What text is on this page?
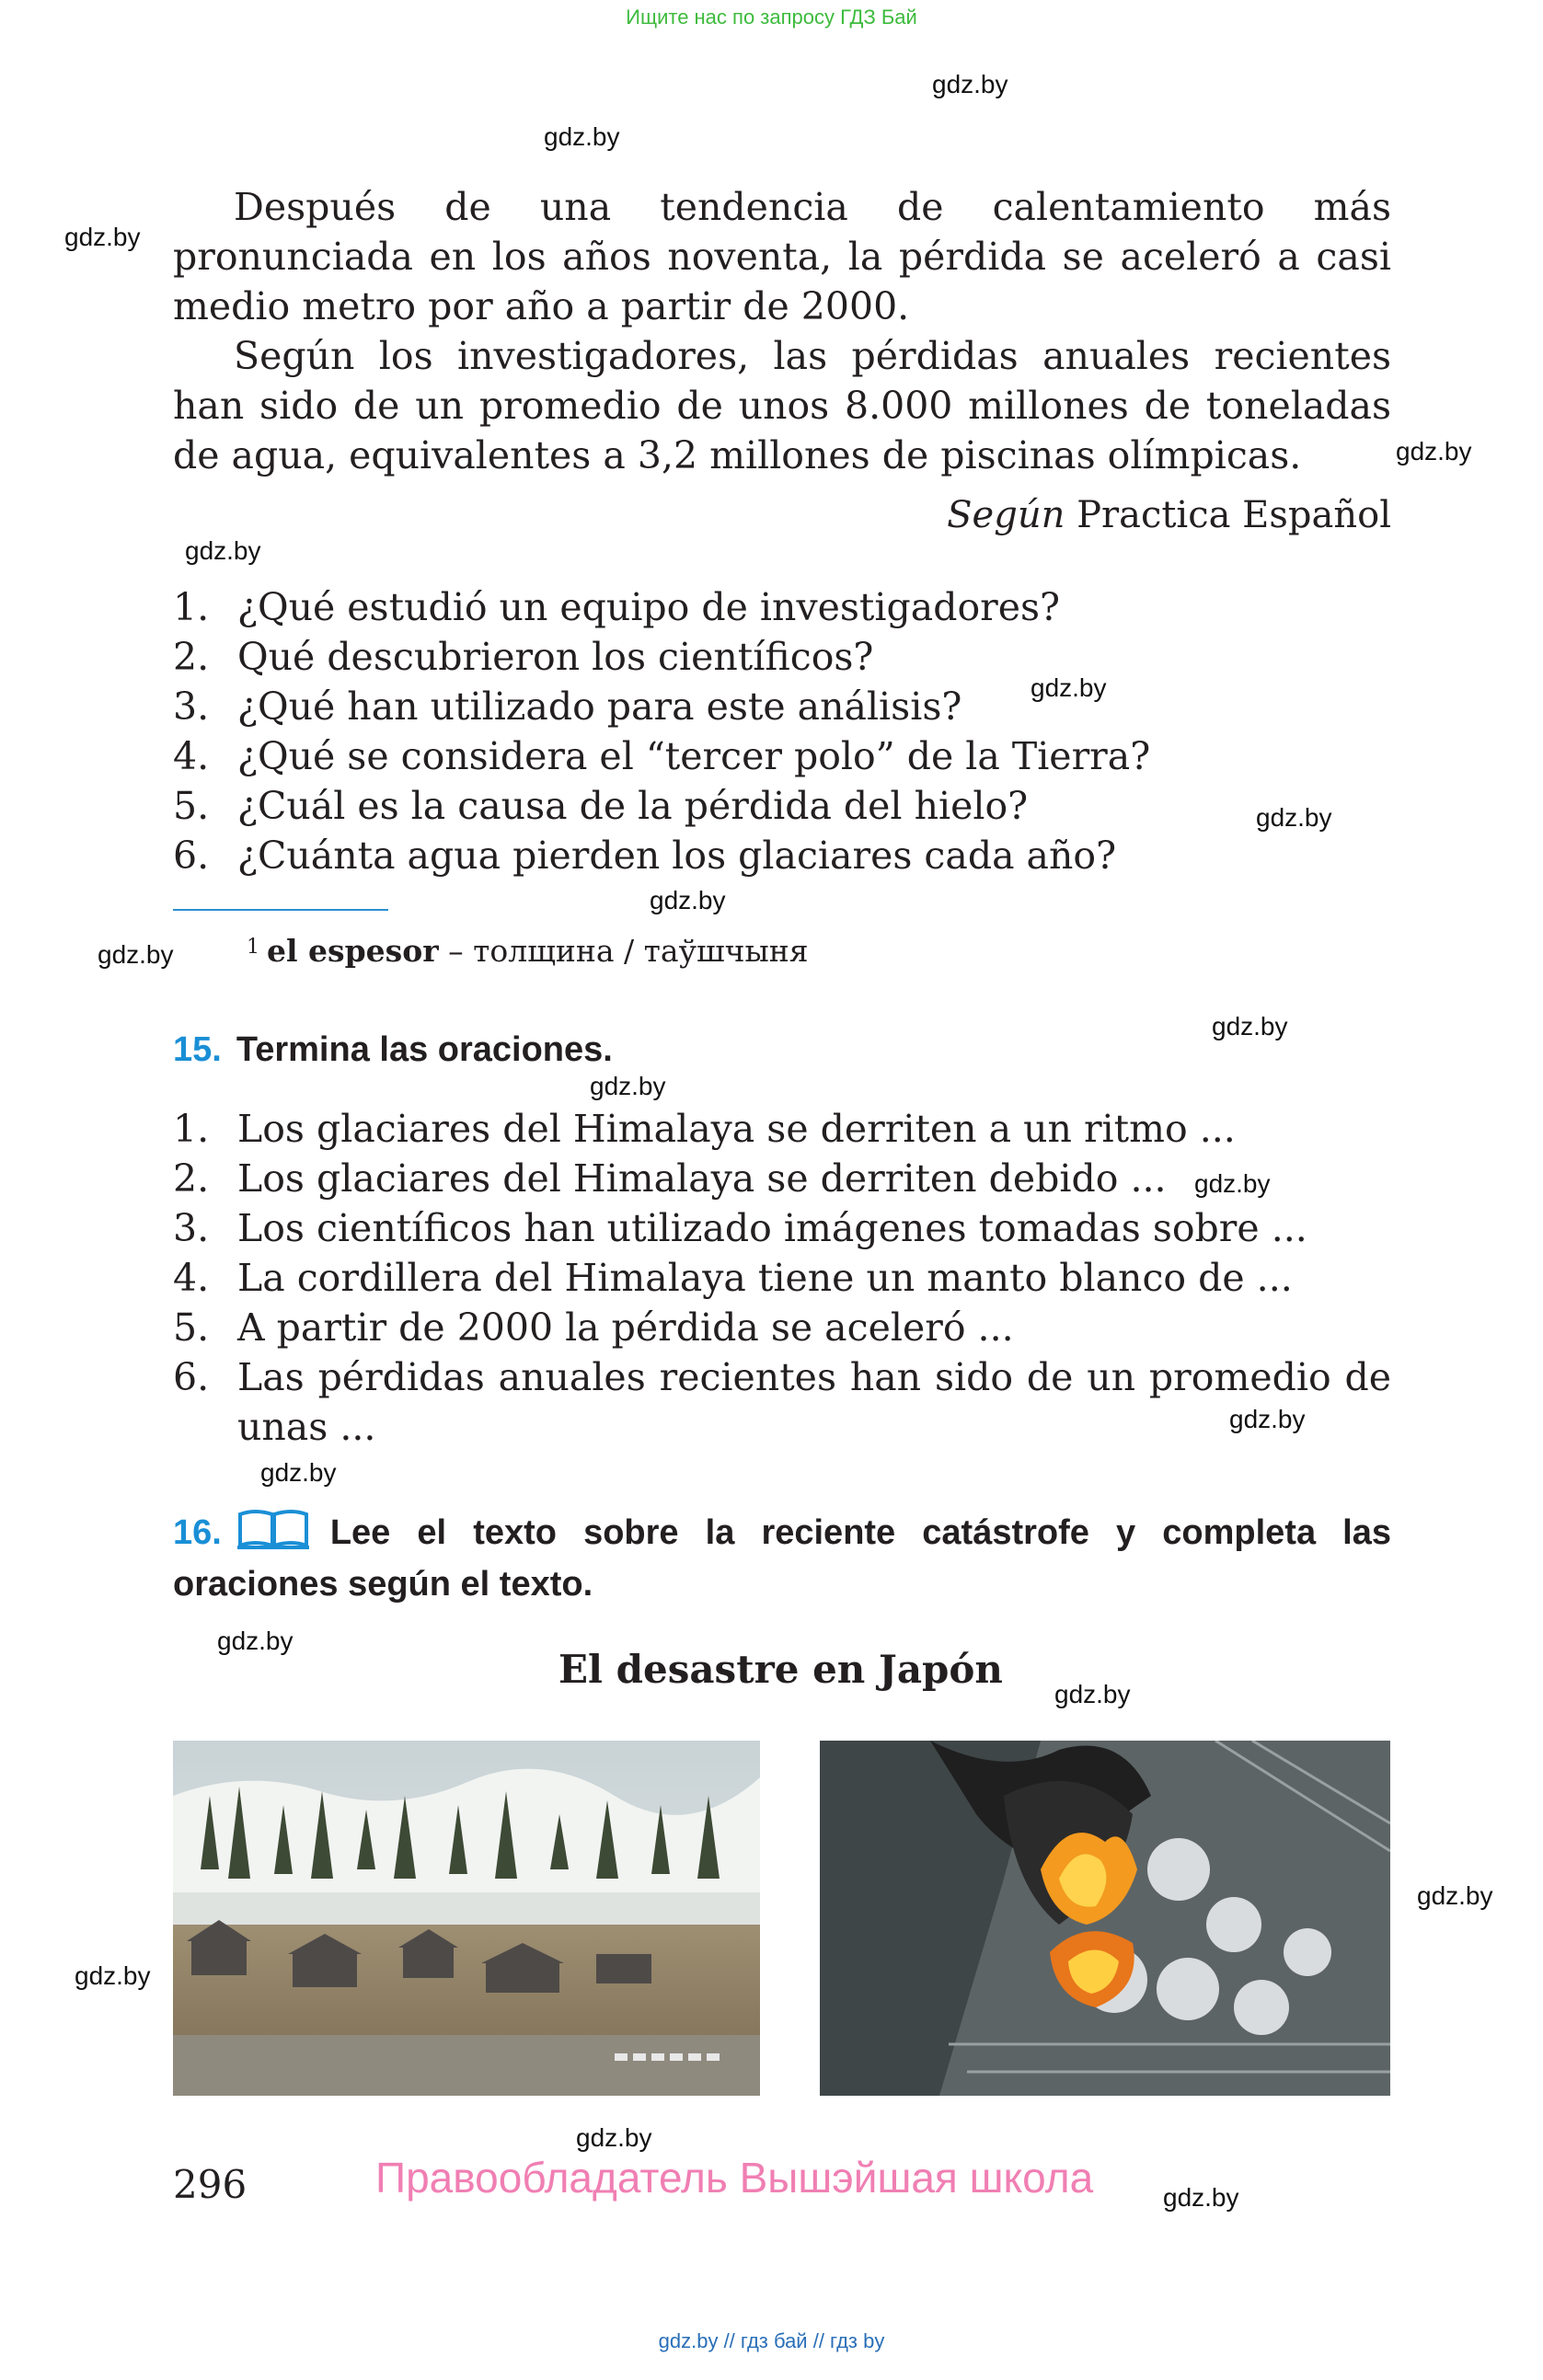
Ищите нас по запросу ГДЗ Бай
gdz.by
gdz.by
gdz.by
gdz.by
gdz.by
gdz.by
gdz.by
gdz.by
gdz.by
gdz.by
gdz.by
gdz.by
gdz.by
gdz.by
gdz.by
gdz.by
gdz.by
gdz.by
gdz.by
gdz.by

Después de una tendencia de calentamiento más pronunciada en los años noventa, la pérdida se aceleró a casi medio metro por año a partir de 2000.

Según los investigadores, las pérdidas anuales recientes han sido de un promedio de unos 8.000 millones de toneladas de agua, equivalentes a 3,2 millones de piscinas olímpicas.

Según Practica Español
1. ¿Qué estudió un equipo de investigadores?
2. Qué descubrieron los científicos?
3. ¿Qué han utilizado para este análisis?
4. ¿Qué se considera el “tercer polo” de la Tierra?
5. ¿Cuál es la causa de la pérdida del hielo?
6. ¿Cuánta agua pierden los glaciares cada año?
$^1$ el espesor – толщина / таўшчыня
15. Termina las oraciones.
1. Los glaciares del Himalaya se derriten a un ritmo ...
2. Los glaciares del Himalaya se derriten debido ...
3. Los científicos han utilizado imágenes tomadas sobre ...
4. La cordillera del Himalaya tiene un manto blanco de ...
5. A partir de 2000 la pérdida se aceleró ...
6. Las pérdidas anuales recientes han sido de un promedio de unas ...
16.	Lee el texto sobre la reciente catástrofe y completa las oraciones según el texto.
El desastre en Japón
296	Правообладатель Вышэйшая школа
gdz.by // гдз бай // гдз by
